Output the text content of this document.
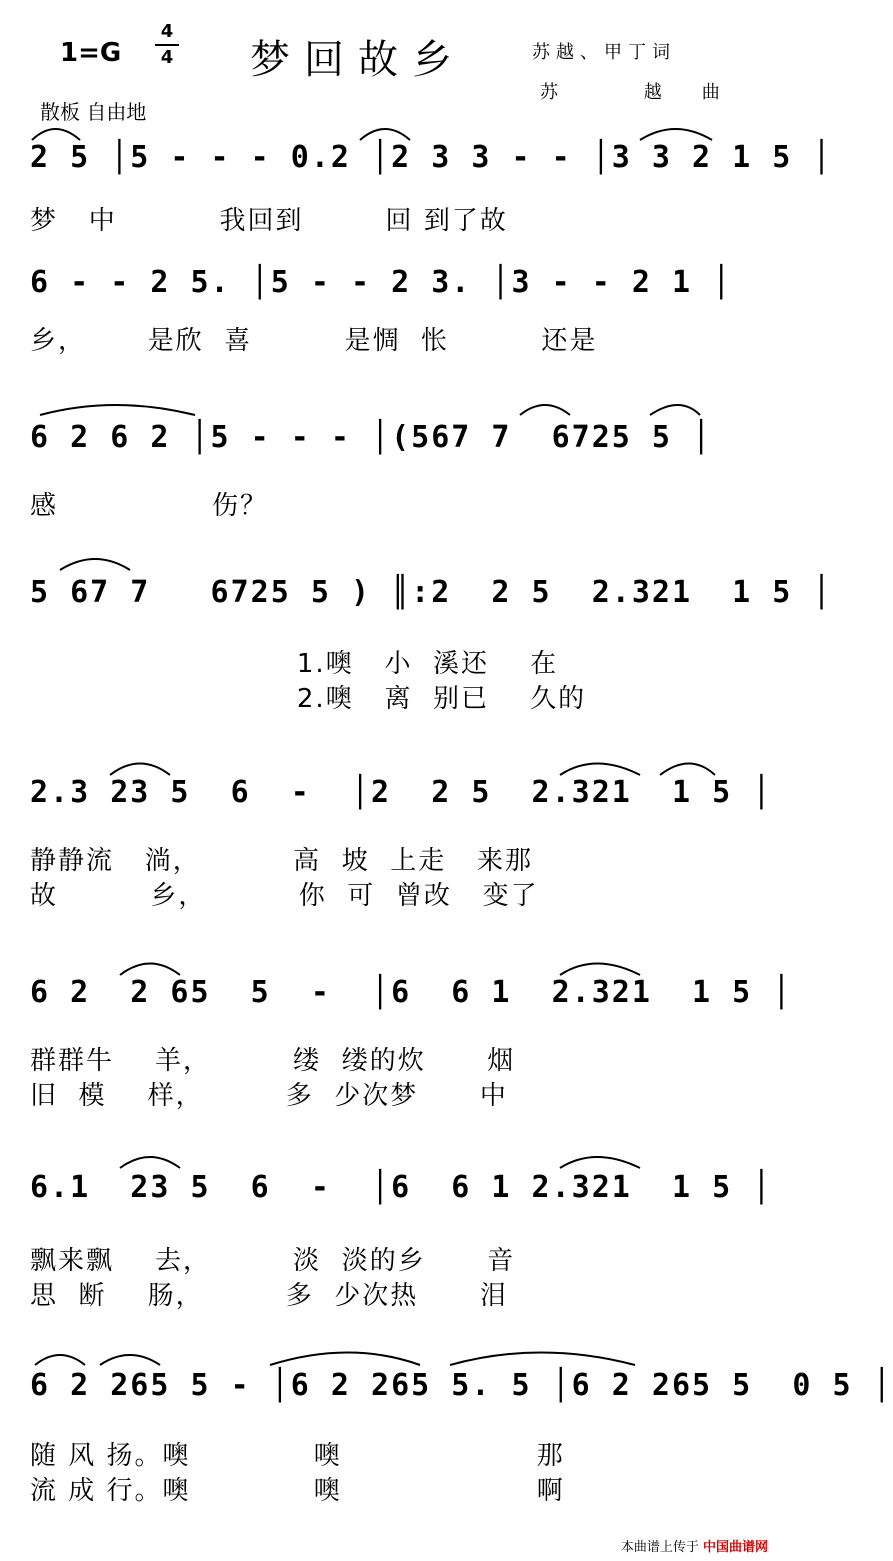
1=G
4
4 梦回故乡	苏越、甲丁词
苏 越曲
散板 自由地
2 5 │5 - - - 0.2 │2 3 3 - - │3 3 2 1 5 │
梦   中          我回到        回 到了故
6 - - 2 5. │5 - - 2 3. │3 - - 2 1 │
乡，      是欣  喜         是惆  怅         还是
6 2 6 2 │5 - - - │(567 7  6725 5 │
感               伤？
5 67 7   6725 5 ) ║:2  2 5  2.321  1 5 │
1.噢   小  溪还    在
2.噢   离  别已    久的
2.3 23 5  6  -  │2  2 5  2.321  1 5 │
静静流   淌，         高  坡  上走   来那
故         乡，         你  可  曾改   变了
6 2  2 65  5  -  │6  6 1  2.321  1 5 │
群群牛    羊，        缕  缕的炊      烟
旧  模    样，        多  少次梦      中
6.1  23 5  6  -  │6  6 1 2.321  1 5 │
飘来飘    去，        淡  淡的乡      音
思  断    肠，        多  少次热      泪
6 2 265 5 - │6 2 265 5. 5 │6 2 265 5  0 5 │
随 风 扬。噢            噢                   那
流 成 行。噢            噢                   啊
本曲谱上传于 中国曲谱网
